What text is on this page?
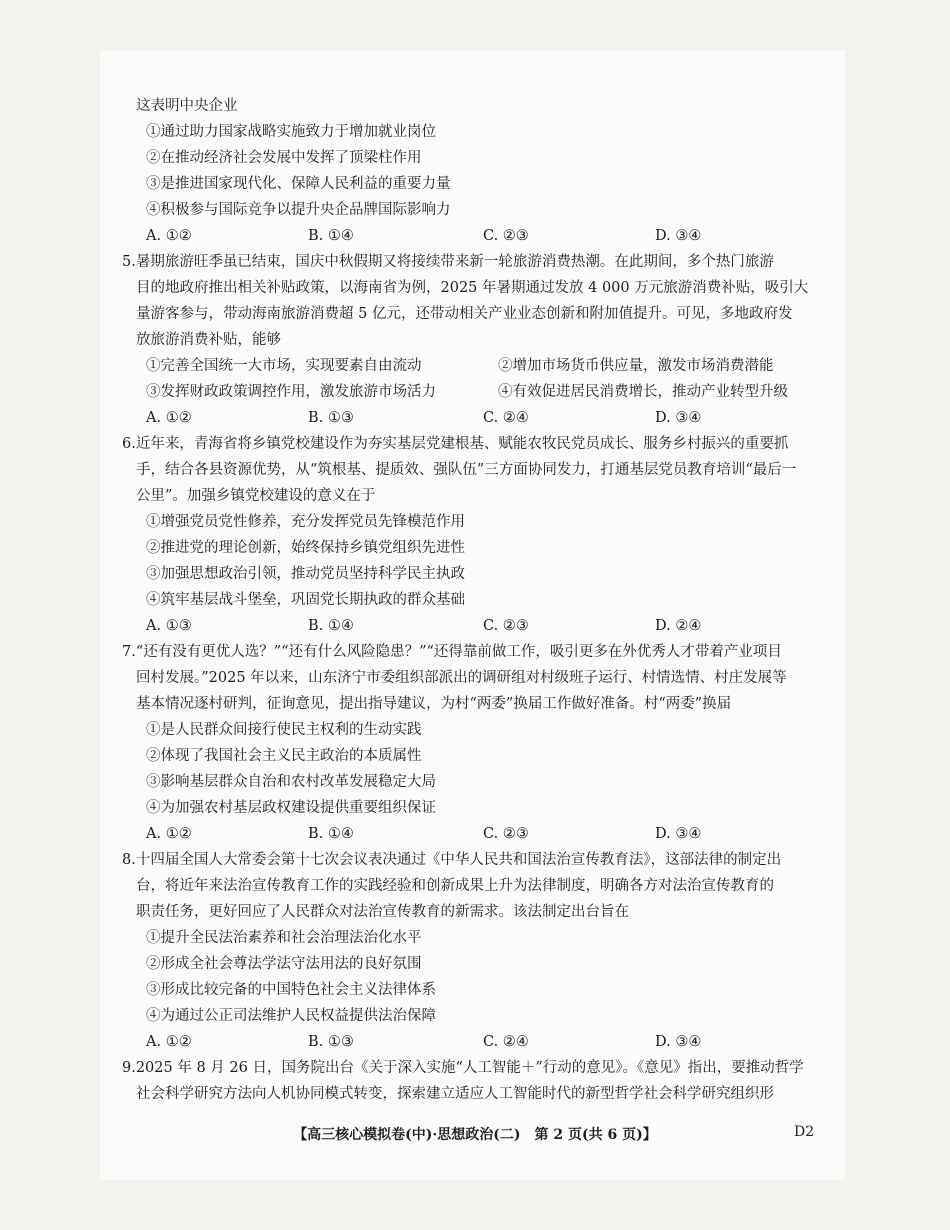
这表明中央企业
①通过助力国家战略实施致力于增加就业岗位
②在推动经济社会发展中发挥了顶梁柱作用
③是推进国家现代化、保障人民利益的重要力量
④积极参与国际竞争以提升央企品牌国际影响力
A. ①②	B. ①④	C. ②③	D. ③④
5.暑期旅游旺季虽已结束，国庆中秋假期又将接续带来新一轮旅游消费热潮。在此期间，多个热门旅游
目的地政府推出相关补贴政策，以海南省为例，2025 年暑期通过发放 4 000 万元旅游消费补贴，吸引大
量游客参与，带动海南旅游消费超 5 亿元，还带动相关产业业态创新和附加值提升。可见，多地政府发
放旅游消费补贴，能够
①完善全国统一大市场，实现要素自由流动	②增加市场货币供应量，激发市场消费潜能
③发挥财政政策调控作用，激发旅游市场活力	④有效促进居民消费增长，推动产业转型升级
A. ①②	B. ①③	C. ②④	D. ③④
6.近年来，青海省将乡镇党校建设作为夯实基层党建根基、赋能农牧民党员成长、服务乡村振兴的重要抓
手，结合各县资源优势，从“筑根基、提质效、强队伍”三方面协同发力，打通基层党员教育培训“最后一
公里”。加强乡镇党校建设的意义在于
①增强党员党性修养，充分发挥党员先锋模范作用
②推进党的理论创新，始终保持乡镇党组织先进性
③加强思想政治引领，推动党员坚持科学民主执政
④筑牢基层战斗堡垒，巩固党长期执政的群众基础
A. ①③	B. ①④	C. ②③	D. ②④
7.“还有没有更优人选？”“还有什么风险隐患？”“还得靠前做工作，吸引更多在外优秀人才带着产业项目
回村发展。”2025 年以来，山东济宁市委组织部派出的调研组对村级班子运行、村情选情、村庄发展等
基本情况逐村研判，征询意见，提出指导建议，为村“两委”换届工作做好准备。村“两委”换届
①是人民群众间接行使民主权利的生动实践
②体现了我国社会主义民主政治的本质属性
③影响基层群众自治和农村改革发展稳定大局
④为加强农村基层政权建设提供重要组织保证
A. ①②	B. ①④	C. ②③	D. ③④
8.十四届全国人大常委会第十七次会议表决通过《中华人民共和国法治宣传教育法》，这部法律的制定出
台，将近年来法治宣传教育工作的实践经验和创新成果上升为法律制度，明确各方对法治宣传教育的
职责任务，更好回应了人民群众对法治宣传教育的新需求。该法制定出台旨在
①提升全民法治素养和社会治理法治化水平
②形成全社会尊法学法守法用法的良好氛围
③形成比较完备的中国特色社会主义法律体系
④为通过公正司法维护人民权益提供法治保障
A. ①②	B. ①③	C. ②④	D. ③④
9.2025 年 8 月 26 日，国务院出台《关于深入实施“人工智能＋”行动的意见》。《意见》指出，要推动哲学
社会科学研究方法向人机协同模式转变，探索建立适应人工智能时代的新型哲学社会科学研究组织形
【高三核心模拟卷(中)·思想政治(二)　第 2 页(共 6 页)】	D2
